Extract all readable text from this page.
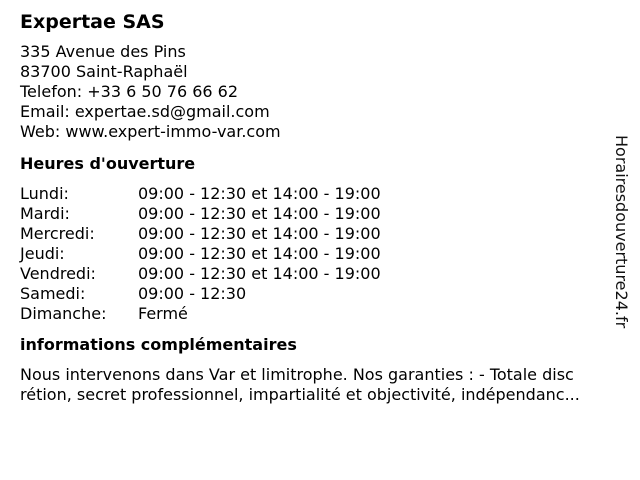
Expertae SAS
335 Avenue des Pins
83700 Saint-Raphaël
Telefon: +33 6 50 76 66 62
Email: expertae.sd@gmail.com
Web: www.expert-immo-var.com
Heures d'ouverture
Lundi:	09:00 - 12:30 et 14:00 - 19:00
Mardi:	09:00 - 12:30 et 14:00 - 19:00
Mercredi:	09:00 - 12:30 et 14:00 - 19:00
Jeudi:	09:00 - 12:30 et 14:00 - 19:00
Vendredi:	09:00 - 12:30 et 14:00 - 19:00
Samedi:	09:00 - 12:30
Dimanche:	Fermé
informations complémentaires
Nous intervenons dans Var et limitrophe. Nos garanties : - Totale disc
rétion, secret professionnel, impartialité et objectivité, indépendanc...
Horairesdouverture24.fr
